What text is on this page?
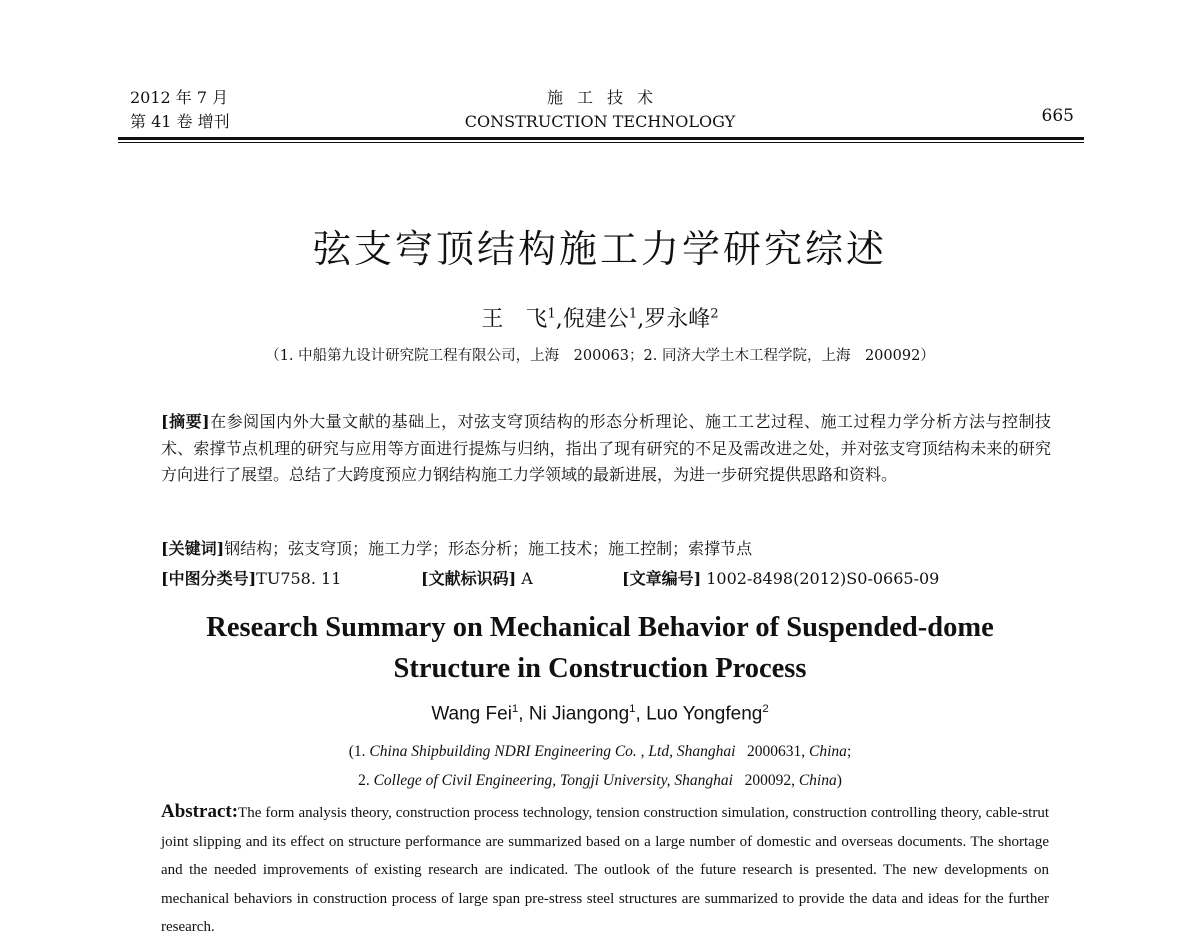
2012 年 7 月
第 41 卷 增刊
施工技术
CONSTRUCTION TECHNOLOGY	665
弦支穹顶结构施工力学研究综述
王　飞$^1$,倪建公$^1$,罗永峰$^2$
（1. 中船第九设计研究院工程有限公司，上海　200063；2. 同济大学土木工程学院，上海　200092）
[摘要]在参阅国内外大量文献的基础上，对弦支穹顶结构的形态分析理论、施工工艺过程、施工过程力学分析方法与控制技术、索撑节点机理的研究与应用等方面进行提炼与归纳，指出了现有研究的不足及需改进之处，并对弦支穹顶结构未来的研究方向进行了展望。总结了大跨度预应力钢结构施工力学领域的最新进展，为进一步研究提供思路和资料。
[关键词]钢结构；弦支穹顶；施工力学；形态分析；施工技术；施工控制；索撑节点
[中图分类号]TU758. 11	[文献标识码] A	[文章编号] 1002-8498(2012)S0-0665-09
Research Summary on Mechanical Behavior of Suspended-dome
Structure in Construction Process
Wang Fei$^1$, Ni Jiangong$^1$, Luo Yongfeng$^2$
(1. China Shipbuilding NDRI Engineering Co. , Ltd, Shanghai 2000631, China;
2. College of Civil Engineering, Tongji University, Shanghai 200092, China)
Abstract:The form analysis theory, construction process technology, tension construction simulation, construction controlling theory, cable-strut joint slipping and its effect on structure performance are summarized based on a large number of domestic and overseas documents. The shortage and the needed improvements of existing research are indicated. The outlook of the future research is presented. The new developments on mechanical behaviors in construction process of large span pre-stress steel structures are summarized to provide the data and ideas for the further research.
